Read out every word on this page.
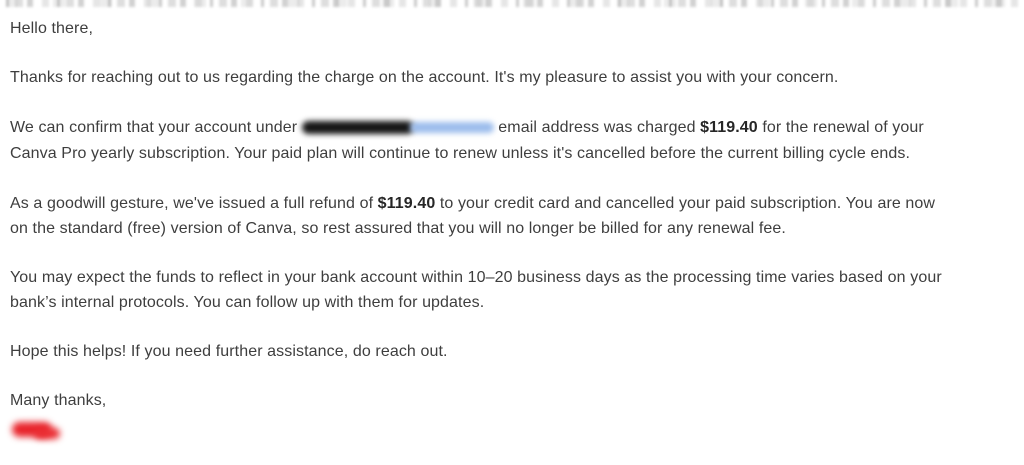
Hello there,

Thanks for reaching out to us regarding the charge on the account. It's my pleasure to assist you with your concern.

We can confirm that your account under	email address was charged $119.40 for the renewal of your
Canva Pro yearly subscription. Your paid plan will continue to renew unless it's cancelled before the current billing cycle ends.

As a goodwill gesture, we've issued a full refund of $119.40 to your credit card and cancelled your paid subscription. You are now
on the standard (free) version of Canva, so rest assured that you will no longer be billed for any renewal fee.

You may expect the funds to reflect in your bank account within 10–20 business days as the processing time varies based on your
bank’s internal protocols. You can follow up with them for updates.

Hope this helps! If you need further assistance, do reach out.

Many thanks,
